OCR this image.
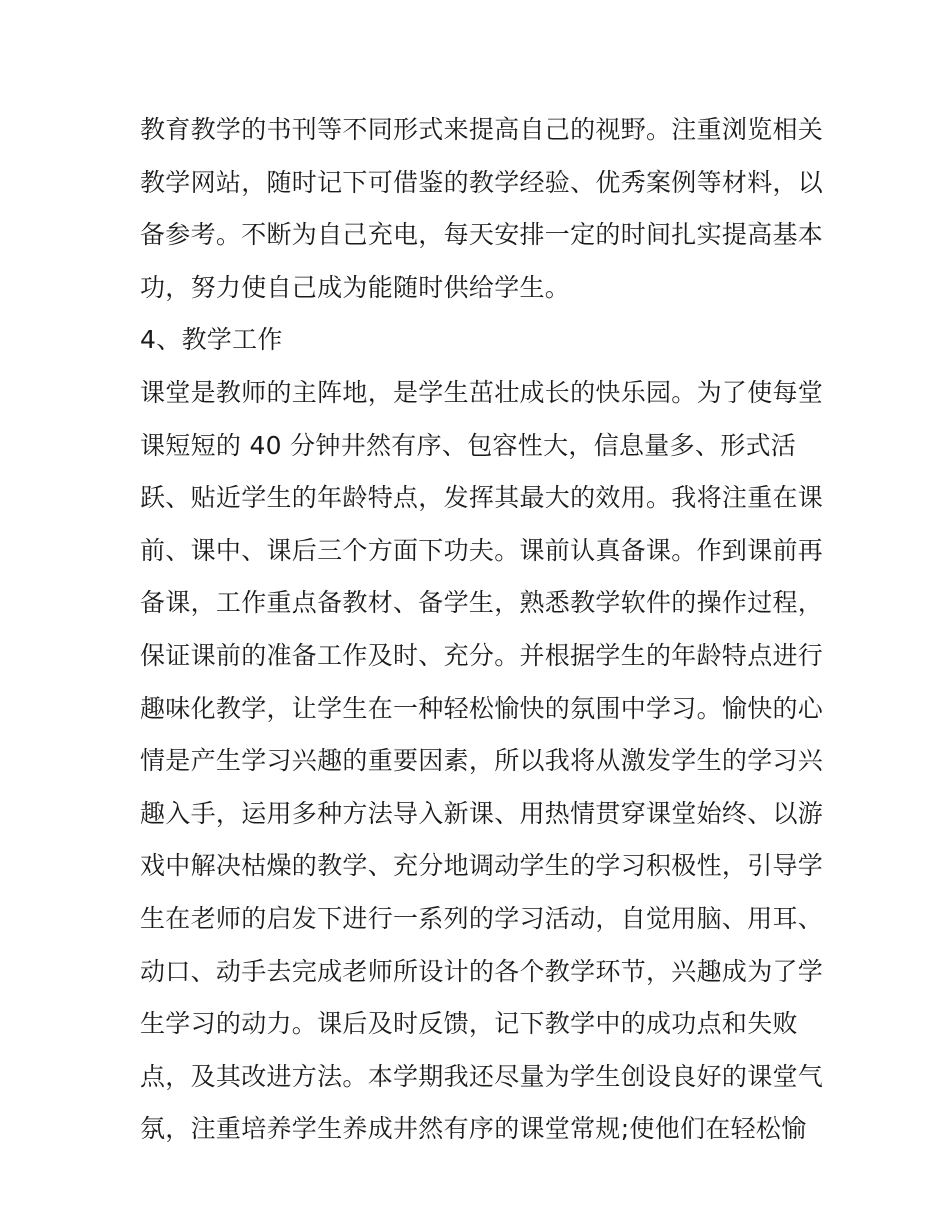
教育教学的书刊等不同形式来提高自己的视野。注重浏览相关
教学网站，随时记下可借鉴的教学经验、优秀案例等材料，以
备参考。不断为自己充电，每天安排一定的时间扎实提高基本
功，努力使自己成为能随时供给学生。
4、教学工作
课堂是教师的主阵地，是学生茁壮成长的快乐园。为了使每堂
课短短的 40 分钟井然有序、包容性大，信息量多、形式活
跃、贴近学生的年龄特点，发挥其最大的效用。我将注重在课
前、课中、课后三个方面下功夫。课前认真备课。作到课前再
备课，工作重点备教材、备学生，熟悉教学软件的操作过程，
保证课前的准备工作及时、充分。并根据学生的年龄特点进行
趣味化教学，让学生在一种轻松愉快的氛围中学习。愉快的心
情是产生学习兴趣的重要因素，所以我将从激发学生的学习兴
趣入手，运用多种方法导入新课、用热情贯穿课堂始终、以游
戏中解决枯燥的教学、充分地调动学生的学习积极性，引导学
生在老师的启发下进行一系列的学习活动，自觉用脑、用耳、
动口、动手去完成老师所设计的各个教学环节，兴趣成为了学
生学习的动力。课后及时反馈，记下教学中的成功点和失败
点，及其改进方法。本学期我还尽量为学生创设良好的课堂气
氛，注重培养学生养成井然有序的课堂常规;使他们在轻松愉
